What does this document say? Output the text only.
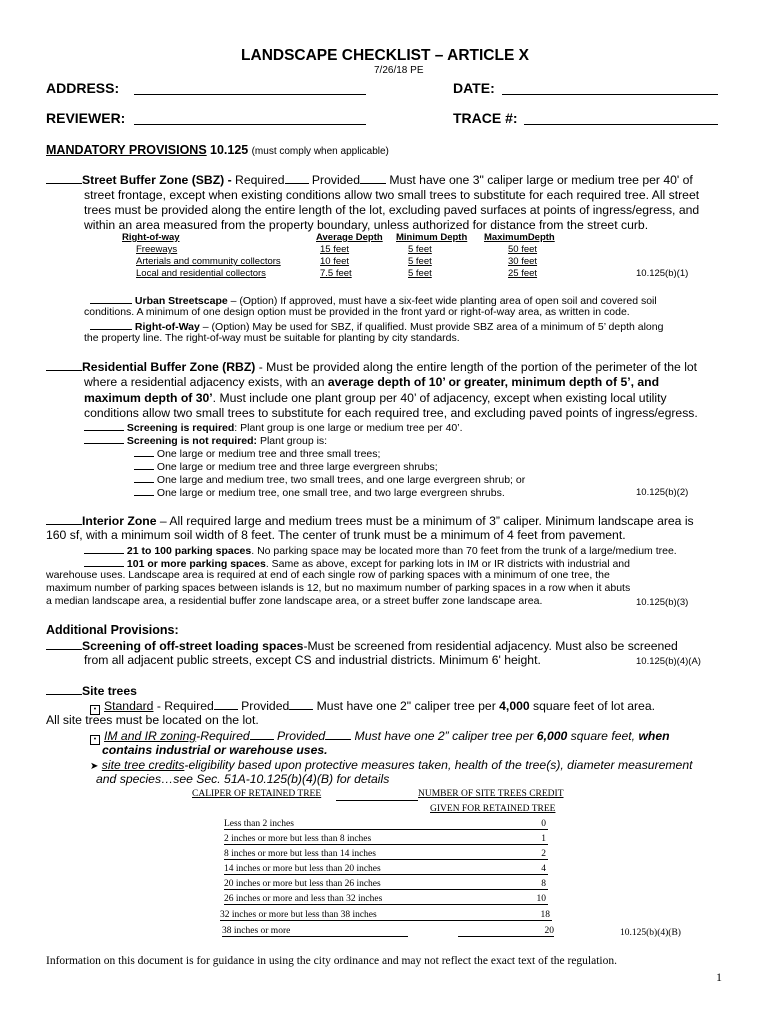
LANDSCAPE CHECKLIST – ARTICLE X
7/26/18 PE
ADDRESS:	DATE:
REVIEWER:	TRACE #:
MANDATORY PROVISIONS 10.125 (must comply when applicable)
Street Buffer Zone (SBZ) - Required Provided Must have one 3" caliper large or medium tree per 40' of
street frontage, except when existing conditions allow two small trees to substitute for each required tree. All street
trees must be provided along the entire length of the lot, excluding paved surfaces at points of ingress/egress, and
within an area measured from the property boundary, unless authorized for distance from the street curb.
Right-of-way	Average Depth Minimum Depth MaximumDepth
Freeways	15 feet	5 feet	50 feet
Arterials and community collectors	10 feet	5 feet	30 feet
Local and residential collectors	7.5 feet	5 feet	25 feet	10.125(b)(1)
Urban Streetscape – (Option) If approved, must have a six-feet wide planting area of open soil and covered soil
conditions. A minimum of one design option must be provided in the front yard or right-of-way area, as written in code.
Right-of-Way – (Option) May be used for SBZ, if qualified. Must provide SBZ area of a minimum of 5’ depth along
the property line. The right-of-way must be suitable for planting by city standards.
Residential Buffer Zone (RBZ) - Must be provided along the entire length of the portion of the perimeter of the lot
where a residential adjacency exists, with an average depth of 10’ or greater, minimum depth of 5’, and
maximum depth of 30’. Must include one plant group per 40’ of adjacency, except when existing local utility
conditions allow two small trees to substitute for each required tree, and excluding paved points of ingress/egress.
Screening is required: Plant group is one large or medium tree per 40’.
Screening is not required: Plant group is:
One large or medium tree and three small trees;
One large or medium tree and three large evergreen shrubs;
One large and medium tree, two small trees, and one large evergreen shrub; or
One large or medium tree, one small tree, and two large evergreen shrubs.	10.125(b)(2)
Interior Zone – All required large and medium trees must be a minimum of 3” caliper. Minimum landscape area is
160 sf, with a minimum soil width of 8 feet. The center of trunk must be a minimum of 4 feet from pavement.
21 to 100 parking spaces. No parking space may be located more than 70 feet from the trunk of a large/medium tree.
101 or more parking spaces. Same as above, except for parking lots in IM or IR districts with industrial and
warehouse uses. Landscape area is required at end of each single row of parking spaces with a minimum of one tree, the
maximum number of parking spaces between islands is 12, but no maximum number of parking spaces in a row when it abuts
a median landscape area, a residential buffer zone landscape area, or a street buffer zone landscape area.	10.125(b)(3)
Additional Provisions:
Screening of off-street loading spaces-Must be screened from residential adjacency. Must also be screened
from all adjacent public streets, except CS and industrial districts. Minimum 6' height.	10.125(b)(4)(A)
Site trees
• Standard - Required Provided Must have one 2" caliper tree per 4,000 square feet of lot area.
All site trees must be located on the lot.
• IM and IR zoning-Required Provided Must have one 2” caliper tree per 6,000 square feet, when
contains industrial or warehouse uses.
➤ site tree credits-eligibility based upon protective measures taken, health of the tree(s), diameter measurement
and species…see Sec. 51A-10.125(b)(4)(B) for details
CALIPER OF RETAINED TREE	NUMBER OF SITE TREES CREDIT
GIVEN FOR RETAINED TREE
Less than 2 inches	0
2 inches or more but less than 8 inches	1
8 inches or more but less than 14 inches	2
14 inches or more but less than 20 inches	4
20 inches or more but less than 26 inches	8
26 inches or more and less than 32 inches	10
32 inches or more but less than 38 inches	18
38 inches or more	20	10.125(b)(4)(B)
Information on this document is for guidance in using the city ordinance and may not reflect the exact text of the regulation.
1
